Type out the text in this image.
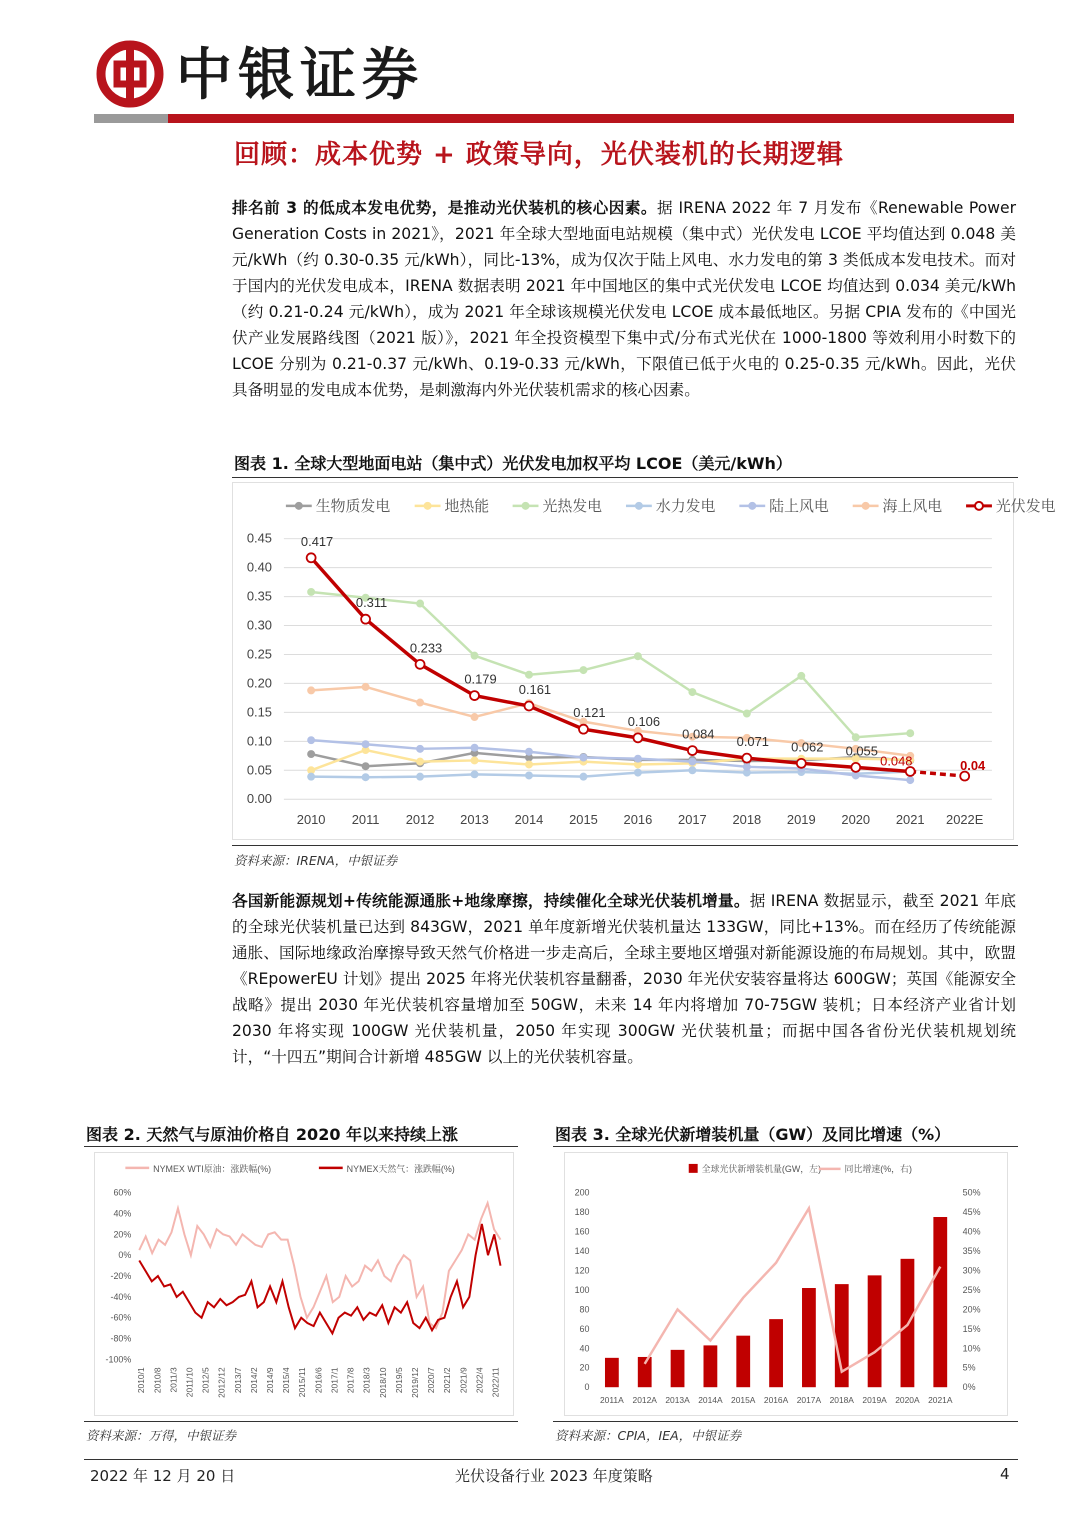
中银证券
回顾：成本优势 + 政策导向，光伏装机的长期逻辑
排名前 3 的低成本发电优势，是推动光伏装机的核心因素。据 IRENA 2022 年 7 月发布《Renewable Power Generation Costs in 2021》，2021 年全球大型地面电站规模（集中式）光伏发电 LCOE 平均值达到 0.048 美元/kWh（约 0.30-0.35 元/kWh），同比-13%，成为仅次于陆上风电、水力发电的第 3 类低成本发电技术。而对于国内的光伏发电成本，IRENA 数据表明 2021 年中国地区的集中式光伏发电 LCOE 均值达到 0.034 美元/kWh（约 0.21-0.24 元/kWh），成为 2021 年全球该规模光伏发电 LCOE 成本最低地区。另据 CPIA 发布的《中国光伏产业发展路线图（2021 版）》，2021 年全投资模型下集中式/分布式光伏在 1000-1800 等效利用小时数下的 LCOE 分别为 0.21-0.37 元/kWh、0.19-0.33 元/kWh，下限值已低于火电的 0.25-0.35 元/kWh。因此，光伏具备明显的发电成本优势，是刺激海内外光伏装机需求的核心因素。
图表 1. 全球大型地面电站（集中式）光伏发电加权平均 LCOE（美元/kWh）
0.00
0.05
0.10
0.15
0.20
0.25
0.30
0.35
0.40
0.45
2010 2011 2012 2013 2014 2015 2016 2017 2018 2019 2020 2021 2022E
生物质发电	地热能	光热发电	水力发电	陆上风电	海上风电	光伏发电
0.417
0.311
0.233
0.179
0.161
0.121
0.106
0.084
0.071 0.062 0.055
0.048	0.04
资料来源：IRENA，中银证券
各国新能源规划+传统能源通胀+地缘摩擦，持续催化全球光伏装机增量。据 IRENA 数据显示，截至 2021 年底的全球光伏装机量已达到 843GW，2021 单年度新增光伏装机量达 133GW，同比+13%。而在经历了传统能源通胀、国际地缘政治摩擦导致天然气价格进一步走高后，全球主要地区增强对新能源设施的布局规划。其中，欧盟《REpowerEU 计划》提出 2025 年将光伏装机容量翻番，2030 年光伏安装容量将达 600GW；英国《能源安全战略》提出 2030 年光伏装机容量增加至 50GW，未来 14 年内将增加 70-75GW 装机；日本经济产业省计划 2030 年将实现 100GW 光伏装机量，2050 年实现 300GW 光伏装机量；而据中国各省份光伏装机规划统计，“十四五”期间合计新增 485GW 以上的光伏装机容量。
图表 2. 天然气与原油价格自 2020 年以来持续上涨
60%
40%
20%
0%
-20%
-40%
-60%
-80%
-100%
2010/1 2010/8 2011/3 2011/10 2012/5 2012/12 2013/7 2014/2 2014/9 2015/4 2015/11 2016/6 2017/1 2017/8 2018/3 2018/10 2019/5 2019/12 2020/7 2021/2 2021/9 2022/4 2022/11
NYMEX WTI原油：涨跌幅(%)	NYMEX天然气：涨跌幅(%)
资料来源：万得，中银证券
图表 3. 全球光伏新增装机量（GW）及同比增速（%）
0
20
40
60
80
100
120
140
160
180
200
0%
5%
10%
15%
20%
25%
30%
35%
40%
45%
50%
2011A 2012A 2013A 2014A 2015A 2016A 2017A 2018A 2019A 2020A 2021A
全球光伏新增装机量(GW，左)	同比增速(%，右)
资料来源：CPIA，IEA，中银证券
2022 年 12 月 20 日	光伏设备行业 2023 年度策略	4
